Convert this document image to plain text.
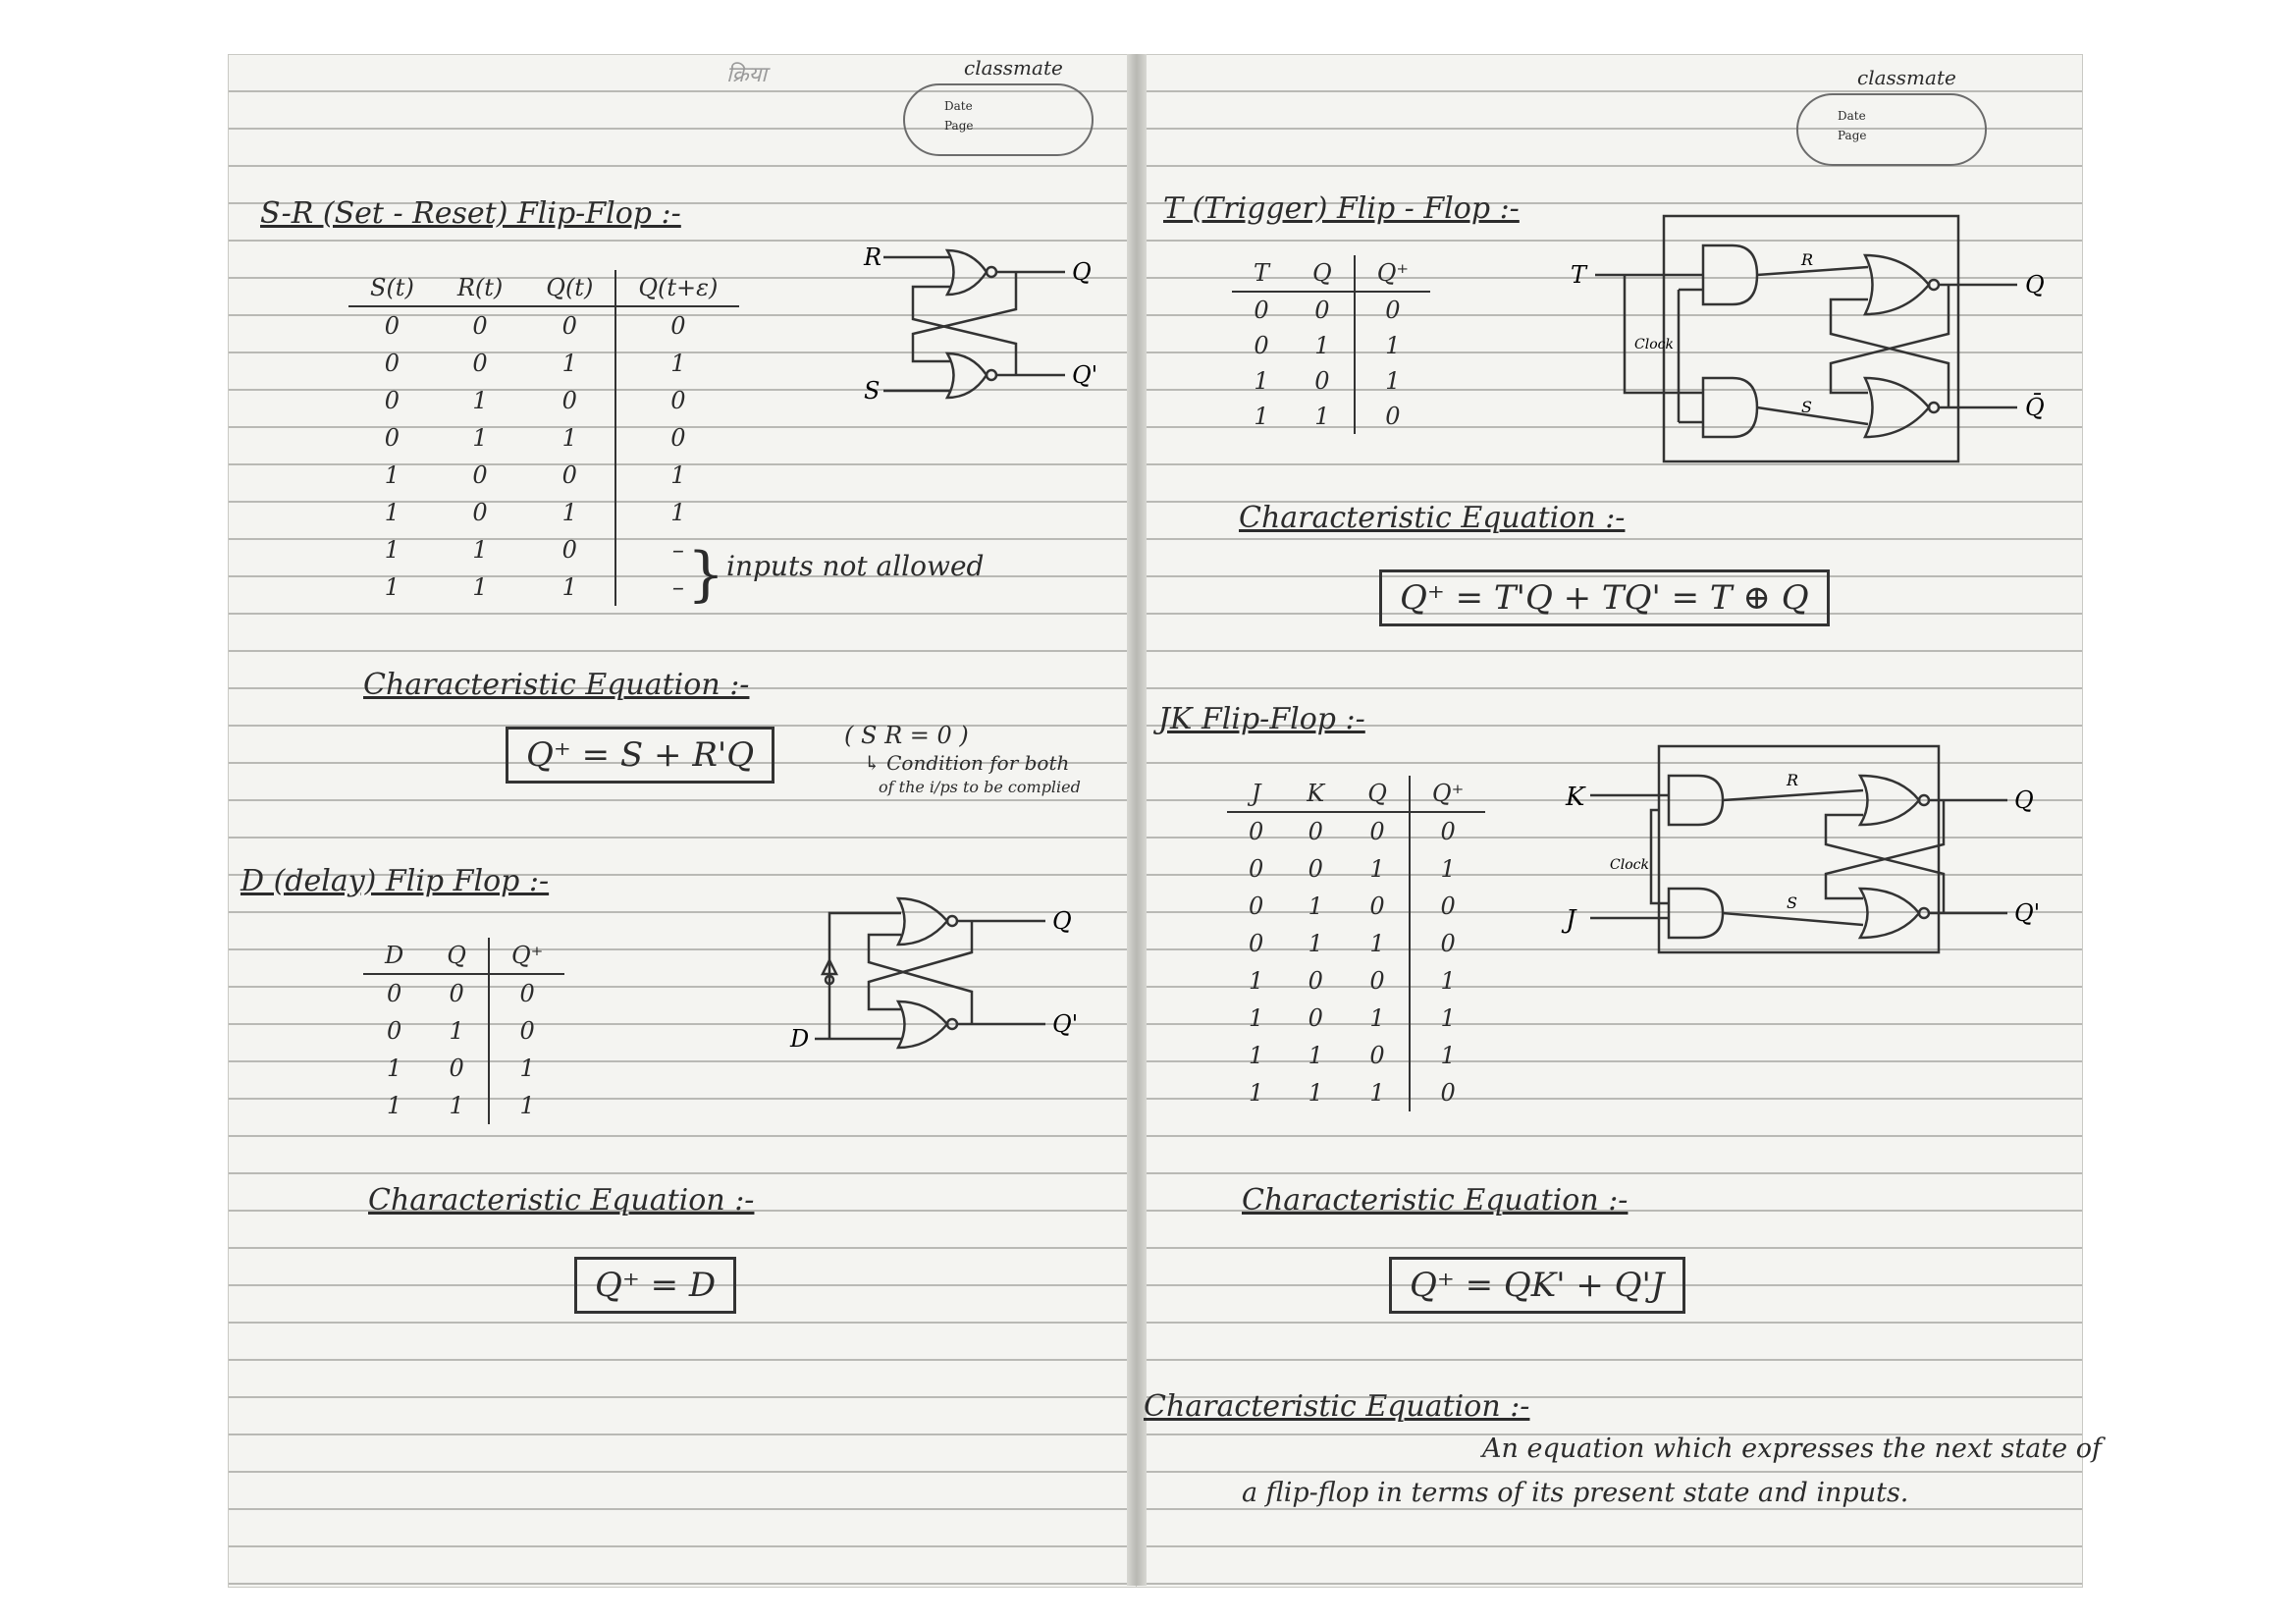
classmate
Date
Page
classmate
Date
Page
क्रिया
S-R (Set - Reset) Flip-Flop :-
S(t)	R(t)	Q(t)	Q(t+ε)
0	0	0	0
0	0	1	1
0	1	0	0
0	1	1	0
1	0	0	1
1	0	1	1
1	1	0	–
1	1	1	– } inputs not allowed
Characteristic Equation :-
Q⁺ = S + R'Q	( S R = 0 )
↳ Condition for both
of the i/ps to be complied
R
S
Q
Q'
D (delay) Flip Flop :-
D	Q	Q⁺
0	0	0
0	1	0
1	0	1
1	1	1
Characteristic Equation :-
Q⁺ = D
D
Q
Q'
T (Trigger) Flip - Flop :-
T	Q	Q⁺
0	0	0
0	1	1
1	0	1
1	1	0
Characteristic Equation :-
Q⁺ = T'Q + TQ' = T ⊕ Q
T
Clock
R
S
Q
Q̄
JK Flip-Flop :-
J	K	Q	Q⁺
0	0	0	0
0	0	1	1
0	1	0	0
0	1	1	0
1	0	0	1
1	0	1	1
1	1	0	1
1	1	1	0
Characteristic Equation :-
Q⁺ = QK' + Q'J
K
J
Clock
R
S
Q
Q'
Characteristic Equation :-
An equation which expresses the next state of
a flip-flop in terms of its present state and inputs.
